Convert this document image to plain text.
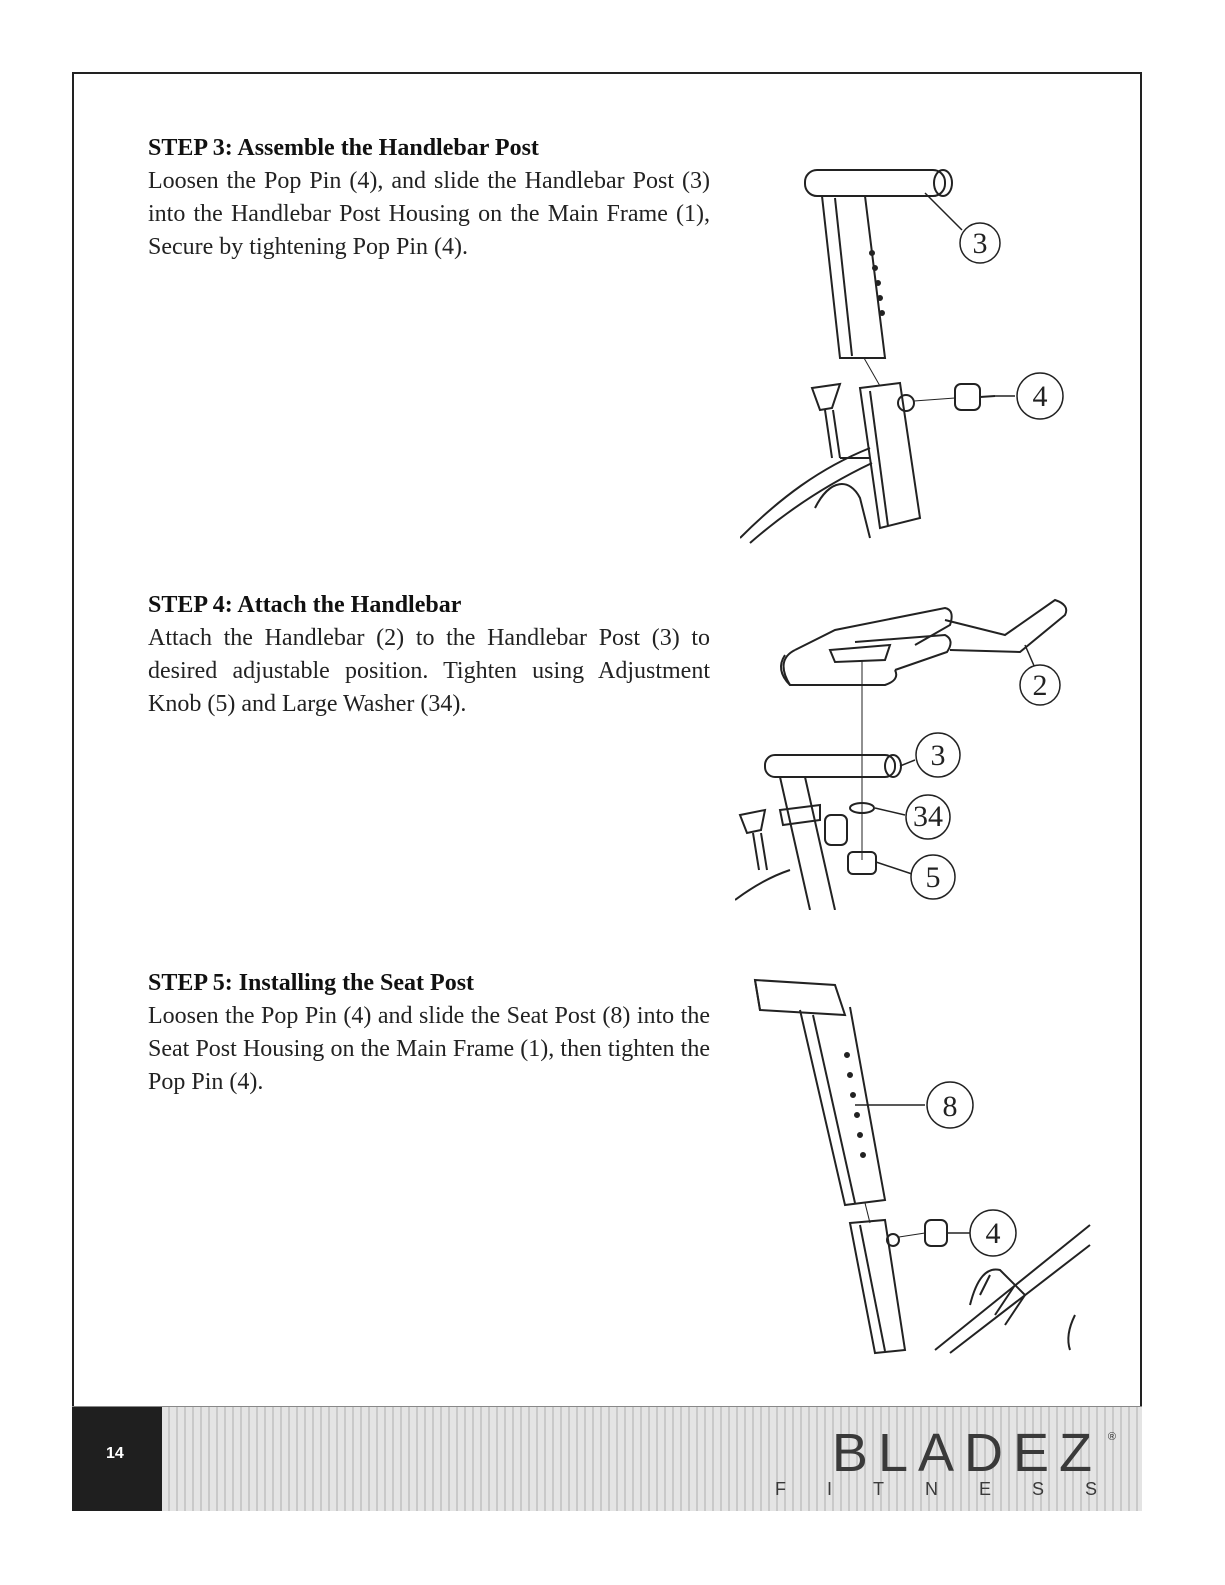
STEP 3: Assemble the Handlebar Post

Loosen the Pop Pin (4), and slide the Handlebar Post (3) into the Handlebar Post Housing on the Main Frame (1), Secure by tightening Pop Pin (4).	3
4
STEP 4: Attach the Handlebar

Attach the Handlebar (2) to the Handlebar Post (3) to desired adjustable position. Tighten using Adjustment Knob (5) and Large Washer (34).

2
3
34
5
STEP 5: Installing the Seat Post

Loosen the Pop Pin (4) and slide the Seat Post (8) into the Seat Post Housing on the Main Frame (1), then tighten the Pop Pin (4).

8
4
14
®
BLADEZ
FITNESS
